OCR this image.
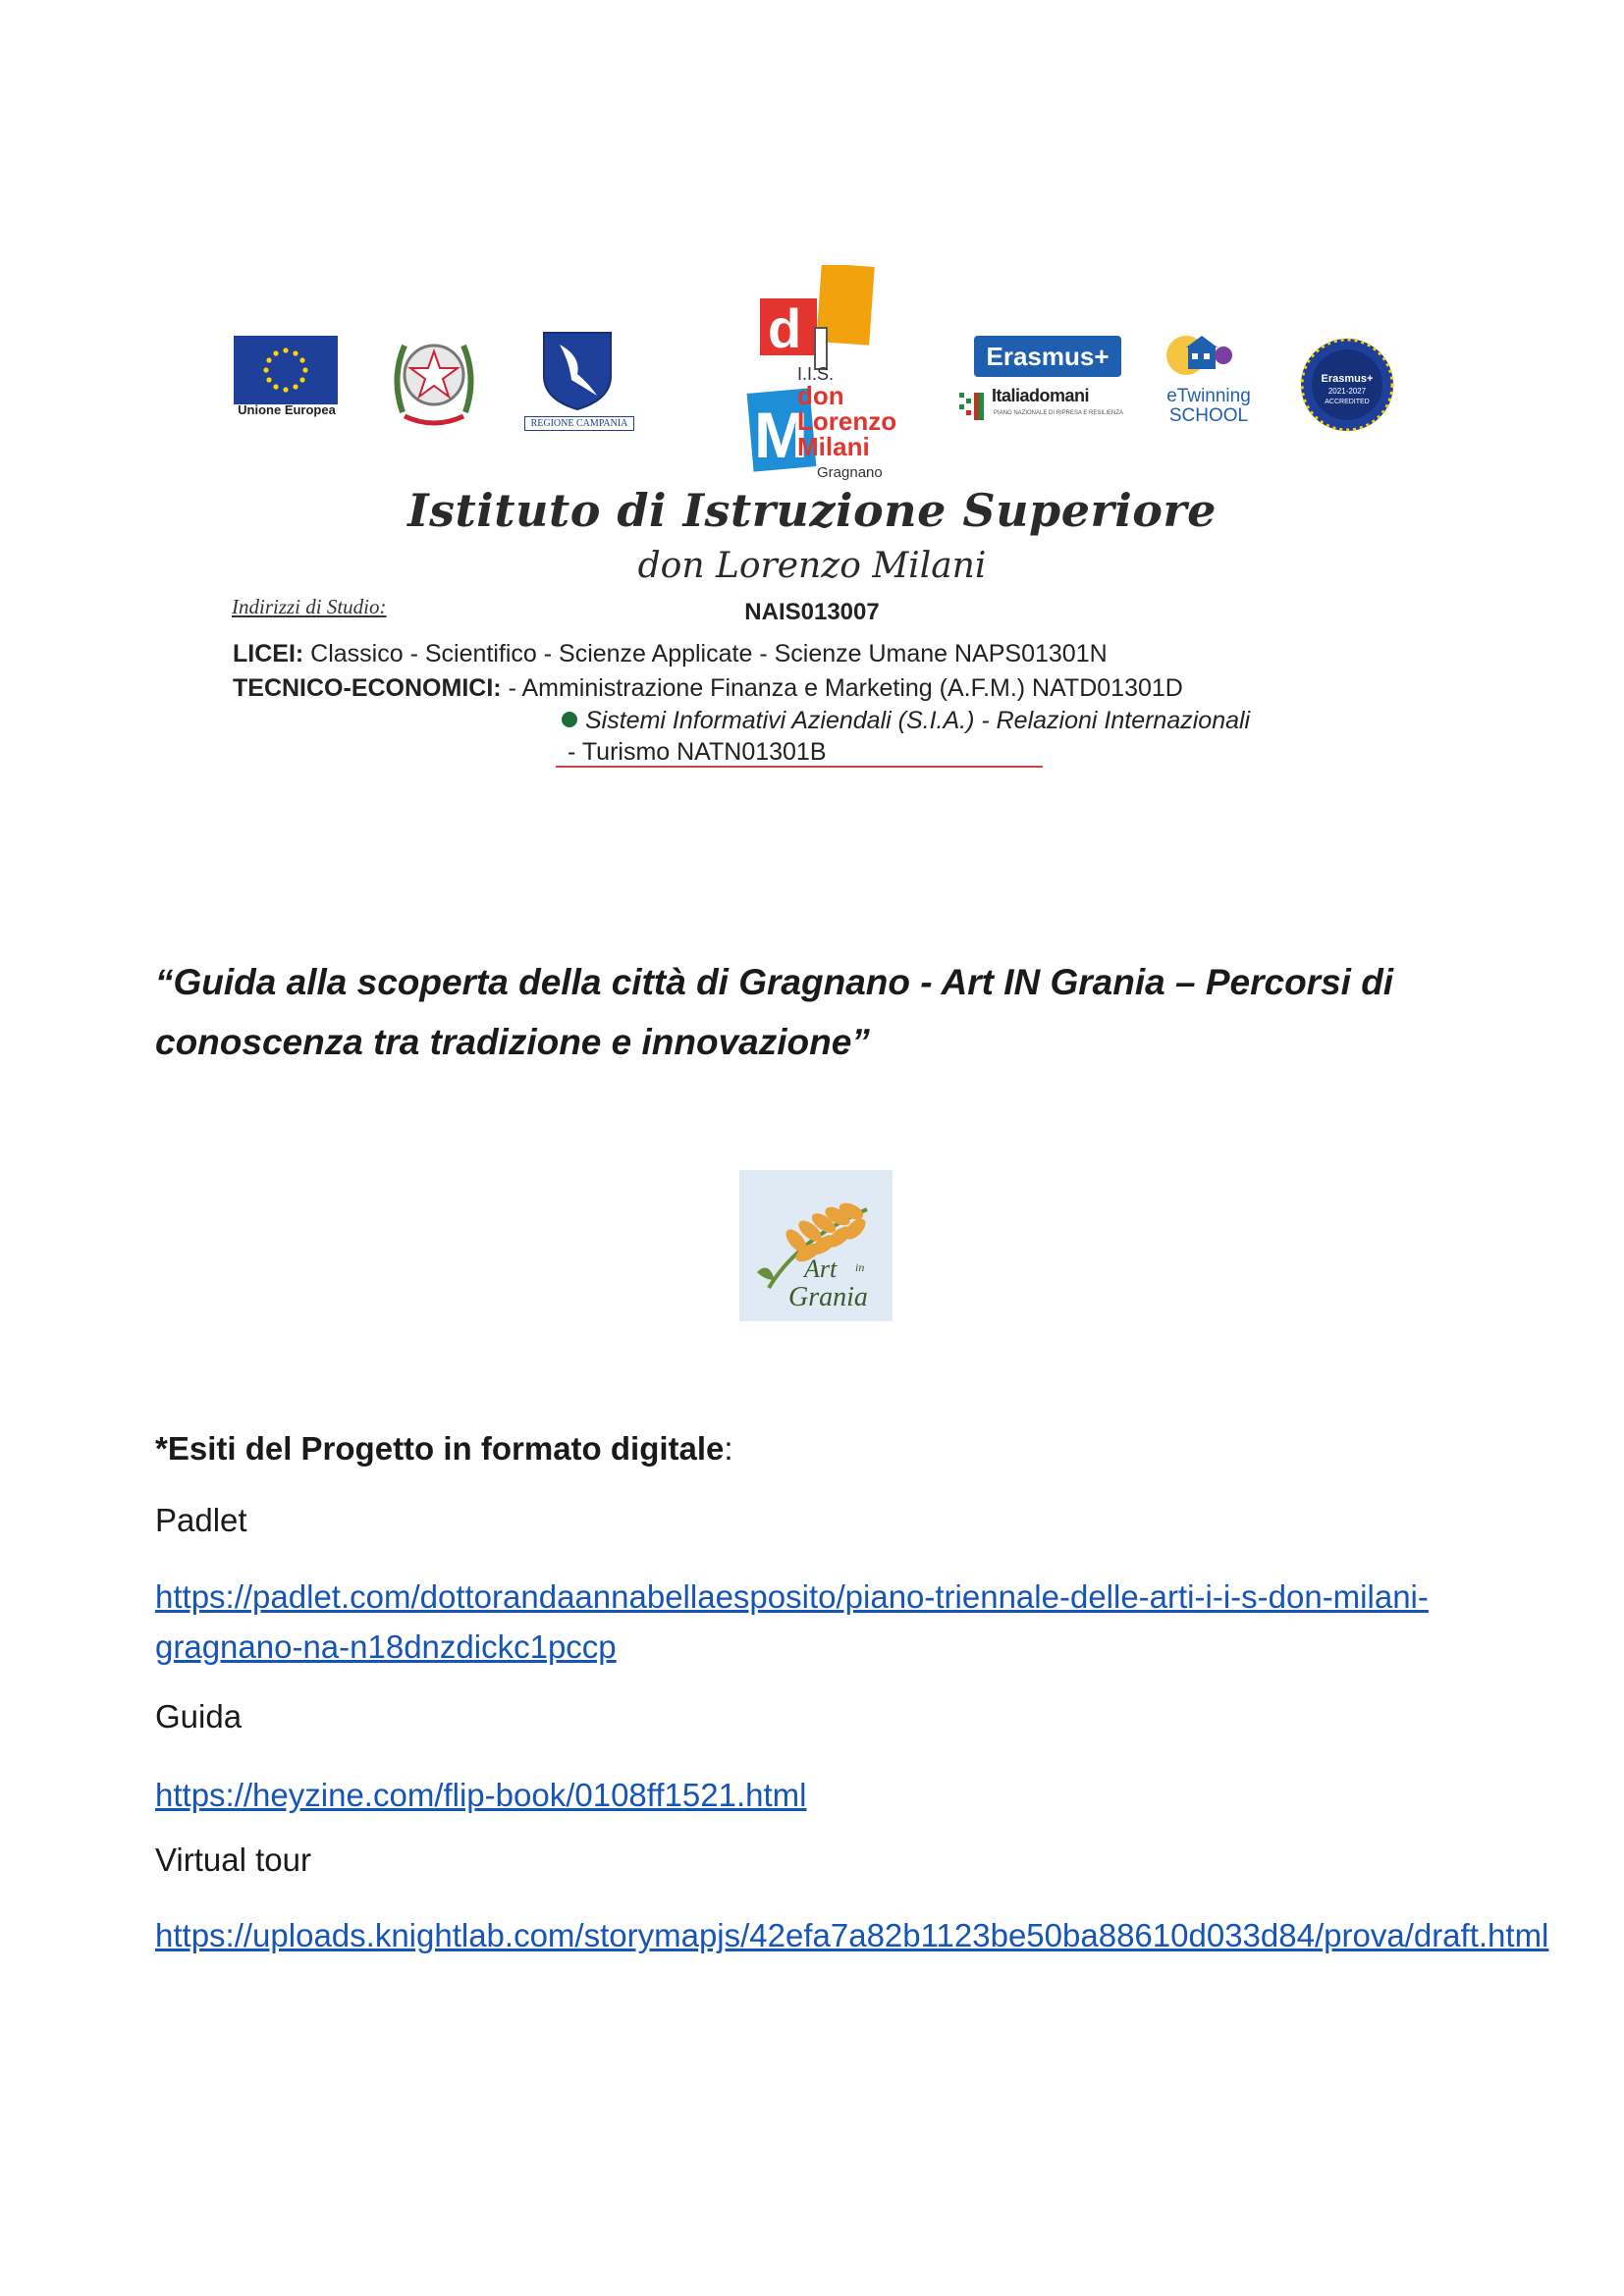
Unione Europea
REGIONE CAMPANIA
d
M
I.I.S.
don
Lorenzo
Milani
Gragnano
Erasmus+
Italiadomani
PIANO NAZIONALE DI RIPRESA E RESILIENZA
eTwinning
SCHOOL
Erasmus+
2021-2027
ACCREDITED
Istituto di Istruzione Superiore
don Lorenzo Milani
Indirizzi di Studio:	NAIS013007
LICEI: Classico - Scientifico - Scienze Applicate - Scienze Umane NAPS01301N
TECNICO-ECONOMICI: - Amministrazione Finanza e Marketing (A.F.M.) NATD01301D
Sistemi Informativi Aziendali (S.I.A.) - Relazioni Internazionali
- Turismo NATN01301B
“Guida alla scoperta della città di Gragnano - Art IN Grania – Percorsi di conoscenza tra tradizione e innovazione”
Art in
Grania
*Esiti del Progetto in formato digitale:
Padlet
https://padlet.com/dottorandaannabellaesposito/piano-triennale-delle-arti-i-i-s-don-milani-gragnano-na-n18dnzdickc1pccp
Guida
https://heyzine.com/flip-book/0108ff1521.html
Virtual tour
https://uploads.knightlab.com/storymapjs/42efa7a82b1123be50ba88610d033d84/prova/draft.html
